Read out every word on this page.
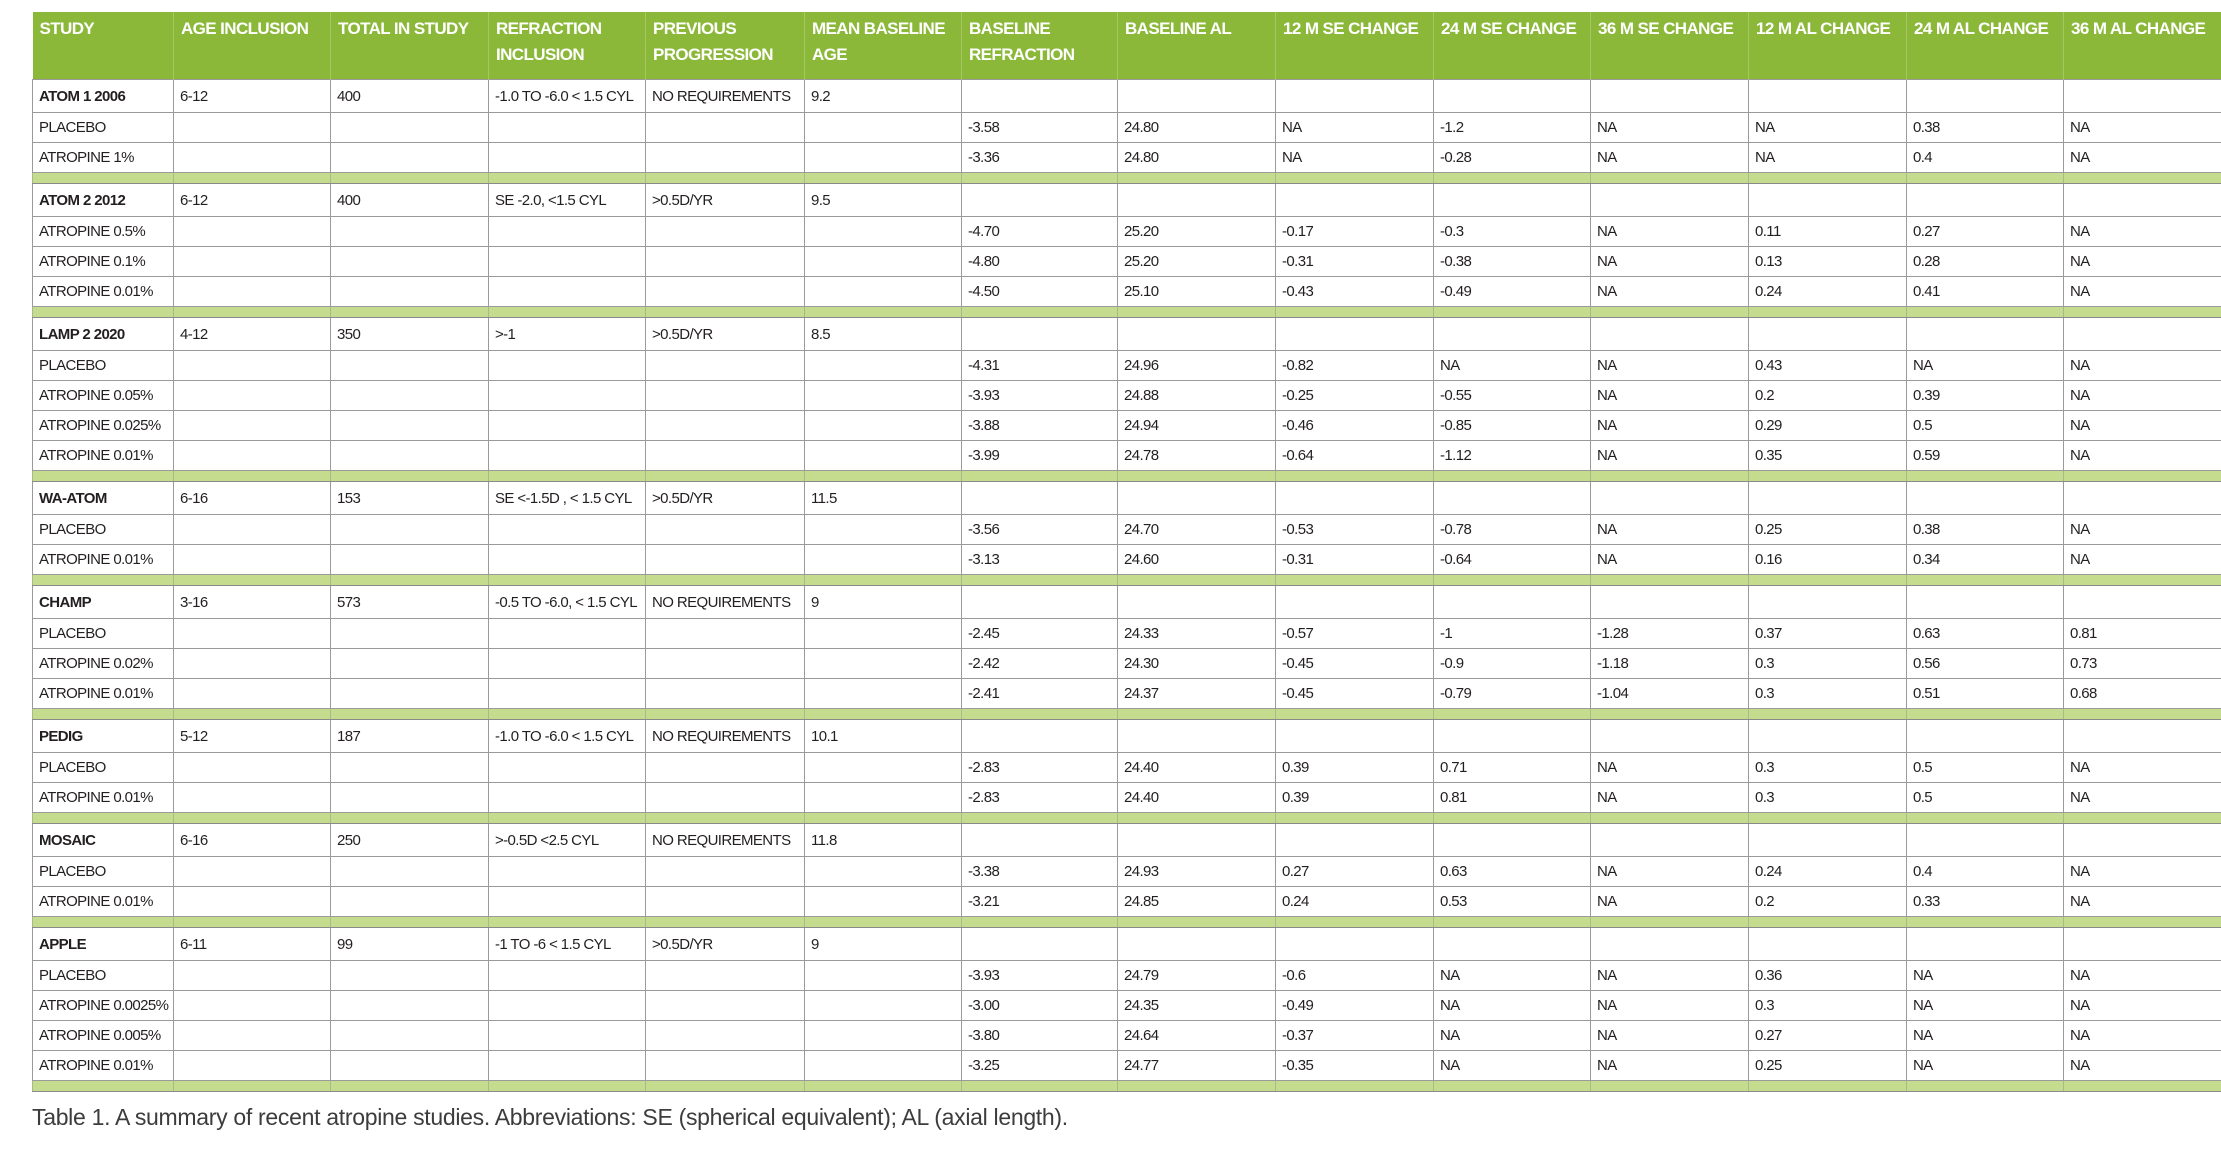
STUDY	AGE INCLUSION	TOTAL IN STUDY	REFRACTION INCLUSION	PREVIOUS PROGRESSION	MEAN BASELINE AGE	BASELINE REFRACTION	BASELINE AL	12 M SE CHANGE	24 M SE CHANGE	36 M SE CHANGE	12 M AL CHANGE	24 M AL CHANGE	36 M AL CHANGE
ATOM 1 2006	6-12	400	-1.0 TO -6.0 < 1.5 CYL	NO REQUIREMENTS	9.2								
PLACEBO						-3.58	24.80	NA	-1.2	NA	NA	0.38	NA
ATROPINE 1%						-3.36	24.80	NA	-0.28	NA	NA	0.4	NA

ATOM 2 2012	6-12	400	SE -2.0, <1.5 CYL	>0.5D/YR	9.5								
ATROPINE 0.5%						-4.70	25.20	-0.17	-0.3	NA	0.11	0.27	NA
ATROPINE 0.1%						-4.80	25.20	-0.31	-0.38	NA	0.13	0.28	NA
ATROPINE 0.01%						-4.50	25.10	-0.43	-0.49	NA	0.24	0.41	NA

LAMP 2 2020	4-12	350	>-1	>0.5D/YR	8.5								
PLACEBO						-4.31	24.96	-0.82	NA	NA	0.43	NA	NA
ATROPINE 0.05%						-3.93	24.88	-0.25	-0.55	NA	0.2	0.39	NA
ATROPINE 0.025%						-3.88	24.94	-0.46	-0.85	NA	0.29	0.5	NA
ATROPINE 0.01%						-3.99	24.78	-0.64	-1.12	NA	0.35	0.59	NA

WA-ATOM	6-16	153	SE <-1.5D , < 1.5 CYL	>0.5D/YR	11.5								
PLACEBO						-3.56	24.70	-0.53	-0.78	NA	0.25	0.38	NA
ATROPINE 0.01%						-3.13	24.60	-0.31	-0.64	NA	0.16	0.34	NA

CHAMP	3-16	573	-0.5 TO -6.0, < 1.5 CYL	NO REQUIREMENTS	9								
PLACEBO						-2.45	24.33	-0.57	-1	-1.28	0.37	0.63	0.81
ATROPINE 0.02%						-2.42	24.30	-0.45	-0.9	-1.18	0.3	0.56	0.73
ATROPINE 0.01%						-2.41	24.37	-0.45	-0.79	-1.04	0.3	0.51	0.68

PEDIG	5-12	187	-1.0 TO -6.0 < 1.5 CYL	NO REQUIREMENTS	10.1								
PLACEBO						-2.83	24.40	0.39	0.71	NA	0.3	0.5	NA
ATROPINE 0.01%						-2.83	24.40	0.39	0.81	NA	0.3	0.5	NA

MOSAIC	6-16	250	>-0.5D <2.5 CYL	NO REQUIREMENTS	11.8								
PLACEBO						-3.38	24.93	0.27	0.63	NA	0.24	0.4	NA
ATROPINE 0.01%						-3.21	24.85	0.24	0.53	NA	0.2	0.33	NA

APPLE	6-11	99	-1 TO -6 < 1.5 CYL	>0.5D/YR	9								
PLACEBO						-3.93	24.79	-0.6	NA	NA	0.36	NA	NA
ATROPINE 0.0025%						-3.00	24.35	-0.49	NA	NA	0.3	NA	NA
ATROPINE 0.005%						-3.80	24.64	-0.37	NA	NA	0.27	NA	NA
ATROPINE 0.01%						-3.25	24.77	-0.35	NA	NA	0.25	NA	NA

Table 1. A summary of recent atropine studies. Abbreviations: SE (spherical equivalent); AL (axial length).
